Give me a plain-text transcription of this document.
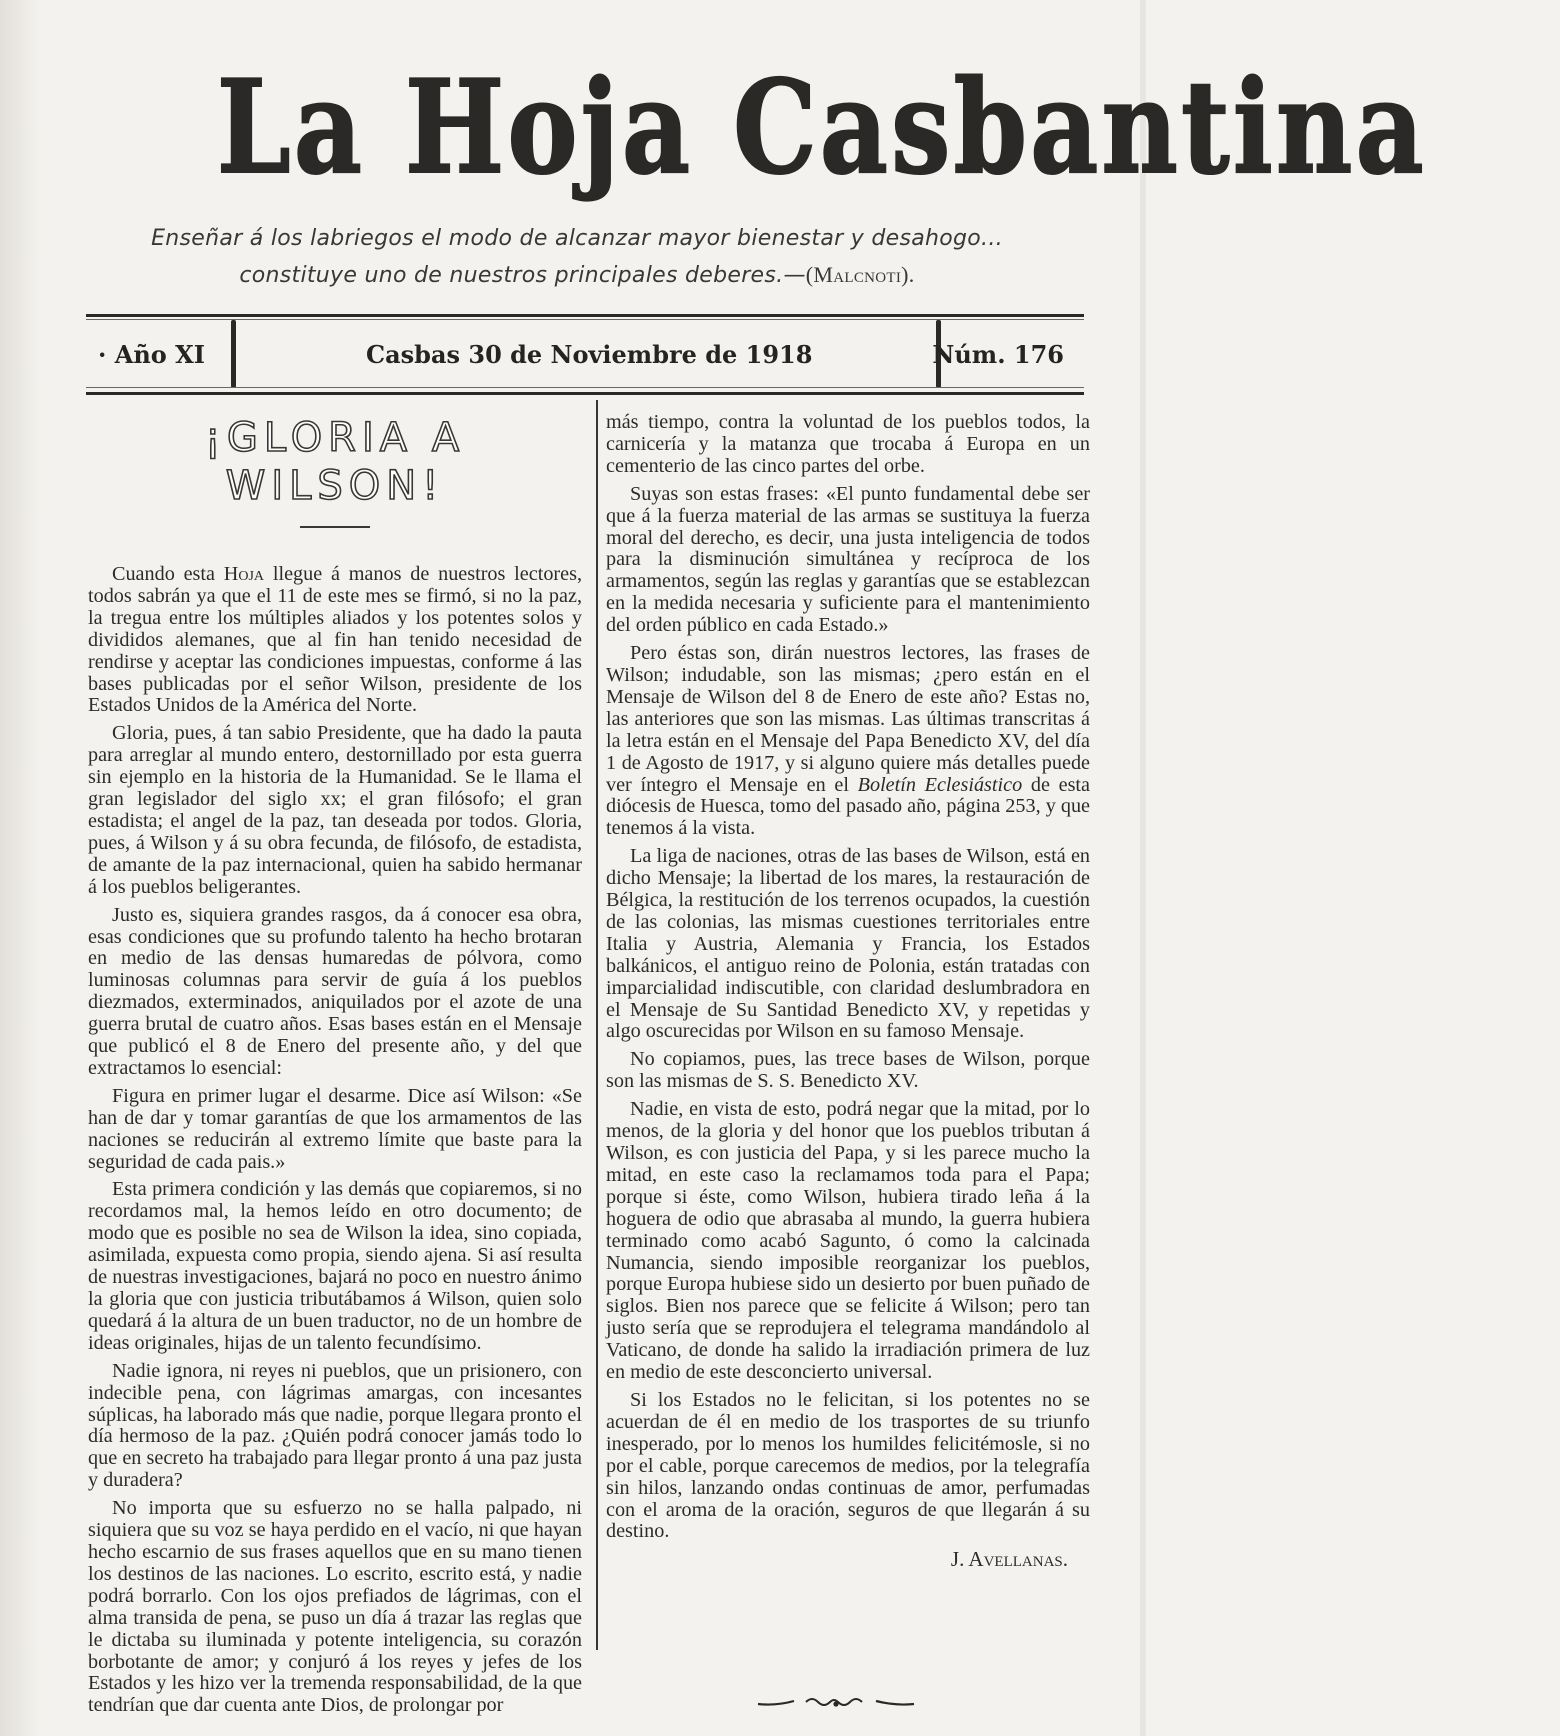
La Hoja Casbantina
Enseñar á los labriegos el modo de alcanzar mayor bienestar y desahogo...
constituye uno de nuestros principales deberes.—(Malcnoti).
· Año XI	Casbas 30 de Noviembre de 1918	Núm. 176
¡GLORIA A WILSON!

Cuando esta Hoja llegue á manos de nuestros lectores, todos sabrán ya que el 11 de este mes se firmó, si no la paz, la tregua entre los múltiples aliados y los potentes solos y divididos alemanes, que al fin han tenido necesidad de rendirse y aceptar las condiciones impuestas, conforme á las bases publicadas por el señor Wilson, presidente de los Estados Unidos de la América del Norte.

Gloria, pues, á tan sabio Presidente, que ha dado la pauta para arreglar al mundo entero, destornillado por esta guerra sin ejemplo en la historia de la Humanidad. Se le llama el gran legislador del siglo xx; el gran filósofo; el gran estadista; el angel de la paz, tan deseada por todos. Gloria, pues, á Wilson y á su obra fecunda, de filósofo, de estadista, de amante de la paz internacional, quien ha sabido hermanar á los pueblos beligerantes.

Justo es, siquiera grandes rasgos, da á conocer esa obra, esas condiciones que su profundo talento ha hecho brotaran en medio de las densas humaredas de pólvora, como luminosas columnas para servir de guía á los pueblos diezmados, exterminados, aniquilados por el azote de una guerra brutal de cuatro años. Esas bases están en el Mensaje que publicó el 8 de Enero del presente año, y del que extractamos lo esencial:

Figura en primer lugar el desarme. Dice así Wilson: «Se han de dar y tomar garantías de que los armamentos de las naciones se reducirán al extremo límite que baste para la seguridad de cada pais.»

Esta primera condición y las demás que copiaremos, si no recordamos mal, la hemos leído en otro documento; de modo que es posible no sea de Wilson la idea, sino copiada, asimilada, expuesta como propia, siendo ajena. Si así resulta de nuestras investigaciones, bajará no poco en nuestro ánimo la gloria que con justicia tributábamos á Wilson, quien solo quedará á la altura de un buen traductor, no de un hombre de ideas originales, hijas de un talento fecundísimo.

Nadie ignora, ni reyes ni pueblos, que un prisionero, con indecible pena, con lágrimas amargas, con incesantes súplicas, ha laborado más que nadie, porque llegara pronto el día hermoso de la paz. ¿Quién podrá conocer jamás todo lo que en secreto ha trabajado para llegar pronto á una paz justa y duradera?

No importa que su esfuerzo no se halla palpado, ni siquiera que su voz se haya perdido en el vacío, ni que hayan hecho escarnio de sus frases aquellos que en su mano tienen los destinos de las naciones. Lo escrito, escrito está, y nadie podrá borrarlo. Con los ojos prefiados de lágrimas, con el alma transida de pena, se puso un día á trazar las reglas que le dictaba su iluminada y potente inteligencia, su corazón borbotante de amor; y conjuró á los reyes y jefes de los Estados y les hizo ver la tremenda responsabilidad, de la que tendrían que dar cuenta ante Dios, de prolongar por

más tiempo, contra la voluntad de los pueblos todos, la carnicería y la matanza que trocaba á Europa en un cementerio de las cinco partes del orbe.

Suyas son estas frases: «El punto fundamental debe ser que á la fuerza material de las armas se sustituya la fuerza moral del derecho, es decir, una justa inteligencia de todos para la disminución simultánea y recíproca de los armamentos, según las reglas y garantías que se establezcan en la medida necesaria y suficiente para el mantenimiento del orden público en cada Estado.»

Pero éstas son, dirán nuestros lectores, las frases de Wilson; indudable, son las mismas; ¿pero están en el Mensaje de Wilson del 8 de Enero de este año? Estas no, las anteriores que son las mismas. Las últimas transcritas á la letra están en el Mensaje del Papa Benedicto XV, del día 1 de Agosto de 1917, y si alguno quiere más detalles puede ver íntegro el Mensaje en el Boletín Eclesiástico de esta diócesis de Huesca, tomo del pasado año, página 253, y que tenemos á la vista.

La liga de naciones, otras de las bases de Wilson, está en dicho Mensaje; la libertad de los mares, la restauración de Bélgica, la restitución de los terrenos ocupados, la cuestión de las colonias, las mismas cuestiones territoriales entre Italia y Austria, Alemania y Francia, los Estados balkánicos, el antiguo reino de Polonia, están tratadas con imparcialidad indiscutible, con claridad deslumbradora en el Mensaje de Su Santidad Benedicto XV, y repetidas y algo oscurecidas por Wilson en su famoso Mensaje.

No copiamos, pues, las trece bases de Wilson, porque son las mismas de S. S. Benedicto XV.

Nadie, en vista de esto, podrá negar que la mitad, por lo menos, de la gloria y del honor que los pueblos tributan á Wilson, es con justicia del Papa, y si les parece mucho la mitad, en este caso la reclamamos toda para el Papa; porque si éste, como Wilson, hubiera tirado leña á la hoguera de odio que abrasaba al mundo, la guerra hubiera terminado como acabó Sagunto, ó como la calcinada Numancia, siendo imposible reorganizar los pueblos, porque Europa hubiese sido un desierto por buen puñado de siglos. Bien nos parece que se felicite á Wilson; pero tan justo sería que se reprodujera el telegrama mandándolo al Vaticano, de donde ha salido la irradiación primera de luz en medio de este desconcierto universal.

Si los Estados no le felicitan, si los potentes no se acuerdan de él en medio de los trasportes de su triunfo inesperado, por lo menos los humildes felicitémosle, si no por el cable, porque carecemos de medios, por la telegrafía sin hilos, lanzando ondas continuas de amor, perfumadas con el aroma de la oración, seguros de que llegarán á su destino.

J. Avellanas.
